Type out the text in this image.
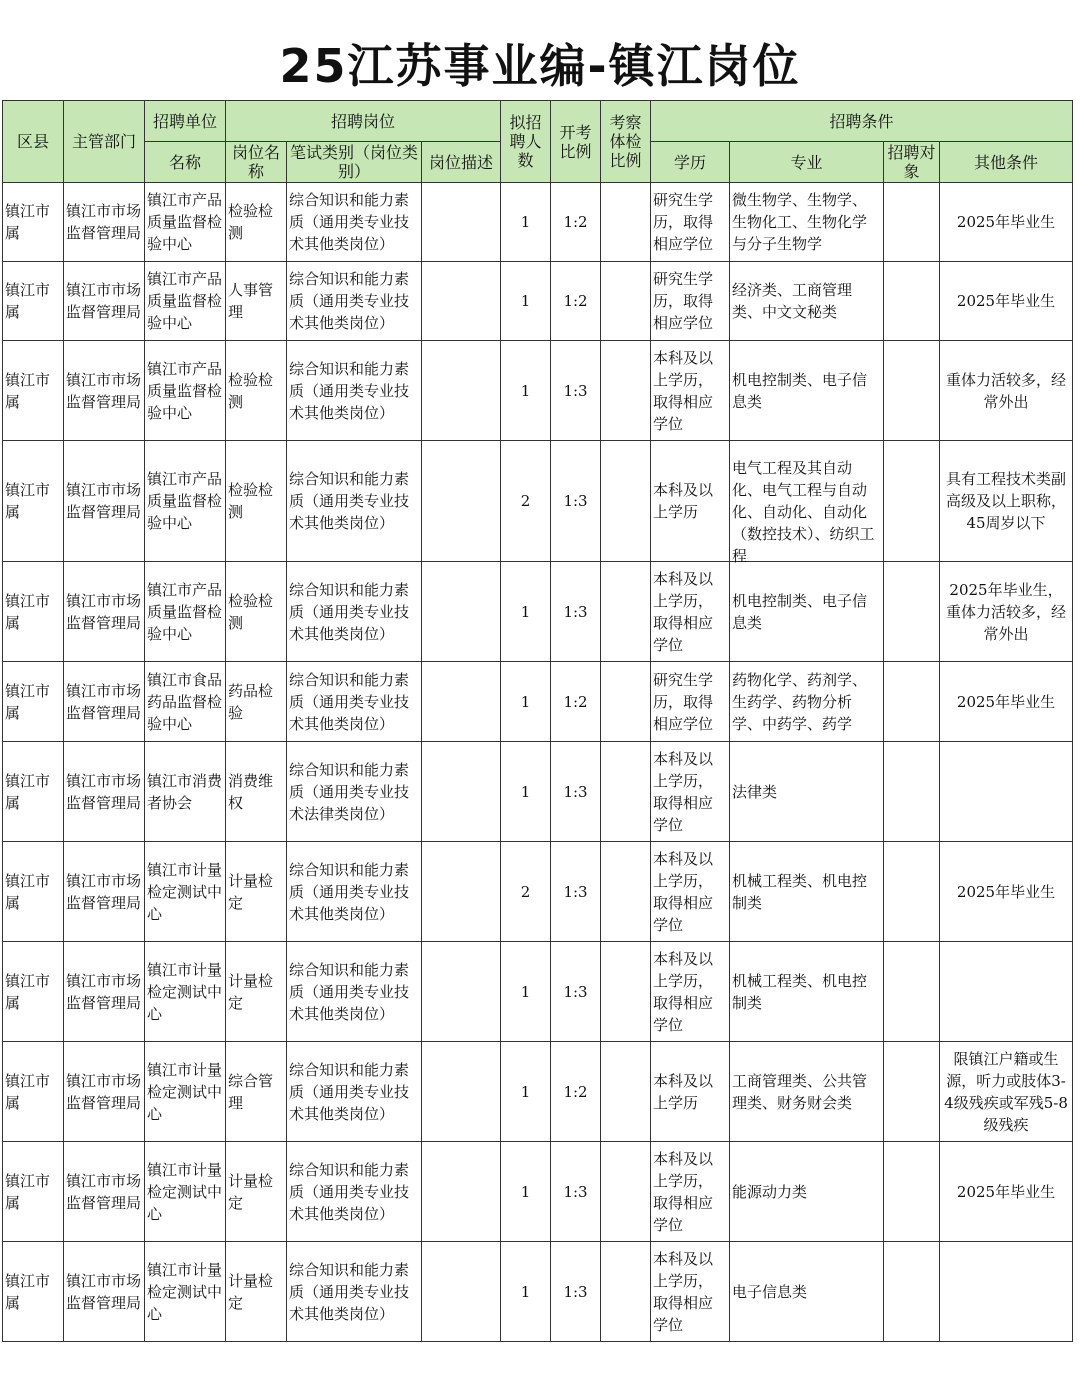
25江苏事业编-镇江岗位
区县	主管部门	招聘单位	招聘岗位			拟招聘人数	开考比例	考察体检比例	招聘条件			
		名称	岗位名称	笔试类别（岗位类别）	岗位描述				学历	专业	招聘对象	其他条件

镇江市属	镇江市市场监督管理局	镇江市产品质量监督检验中心	检验检测	综合知识和能力素质（通用类专业技术其他类岗位）		1	1:2		研究生学历，取得相应学位	微生物学、生物学、生物化工、生物化学与分子生物学		2025年毕业生

镇江市属	镇江市市场监督管理局	镇江市产品质量监督检验中心	人事管理	综合知识和能力素质（通用类专业技术其他类岗位）		1	1:2		研究生学历，取得相应学位	经济类、工商管理类、中文文秘类		2025年毕业生

镇江市属	镇江市市场监督管理局	镇江市产品质量监督检验中心	检验检测	综合知识和能力素质（通用类专业技术其他类岗位）		1	1:3		本科及以上学历，取得相应学位	机电控制类、电子信息类		重体力活较多，经常外出

镇江市属	镇江市市场监督管理局	镇江市产品质量监督检验中心	检验检测	综合知识和能力素质（通用类专业技术其他类岗位）		2	1:3		本科及以上学历	电气工程及其自动化、电气工程与自动化、自动化、自动化（数控技术）、纺织工程		具有工程技术类副高级及以上职称，45周岁以下

镇江市属	镇江市市场监督管理局	镇江市产品质量监督检验中心	检验检测	综合知识和能力素质（通用类专业技术其他类岗位）		1	1:3		本科及以上学历，取得相应学位	机电控制类、电子信息类		2025年毕业生，重体力活较多，经常外出

镇江市属	镇江市市场监督管理局	镇江市食品药品监督检验中心	药品检验	综合知识和能力素质（通用类专业技术其他类岗位）		1	1:2		研究生学历，取得相应学位	药物化学、药剂学、生药学、药物分析学、中药学、药学		2025年毕业生

镇江市属	镇江市市场监督管理局	镇江市消费者协会	消费维权	综合知识和能力素质（通用类专业技术法律类岗位）		1	1:3		本科及以上学历，取得相应学位	法律类		

镇江市属	镇江市市场监督管理局	镇江市计量检定测试中心	计量检定	综合知识和能力素质（通用类专业技术其他类岗位）		2	1:3		本科及以上学历，取得相应学位	机械工程类、机电控制类		2025年毕业生

镇江市属	镇江市市场监督管理局	镇江市计量检定测试中心	计量检定	综合知识和能力素质（通用类专业技术其他类岗位）		1	1:3		本科及以上学历，取得相应学位	机械工程类、机电控制类		

镇江市属	镇江市市场监督管理局	镇江市计量检定测试中心	综合管理	综合知识和能力素质（通用类专业技术其他类岗位）		1	1:2		本科及以上学历	工商管理类、公共管理类、财务财会类		限镇江户籍或生源，听力或肢体3-4级残疾或军残5-8级残疾

镇江市属	镇江市市场监督管理局	镇江市计量检定测试中心	计量检定	综合知识和能力素质（通用类专业技术其他类岗位）		1	1:3		本科及以上学历，取得相应学位	能源动力类		2025年毕业生

镇江市属	镇江市市场监督管理局	镇江市计量检定测试中心	计量检定	综合知识和能力素质（通用类专业技术其他类岗位）		1	1:3		本科及以上学历，取得相应学位	电子信息类		
